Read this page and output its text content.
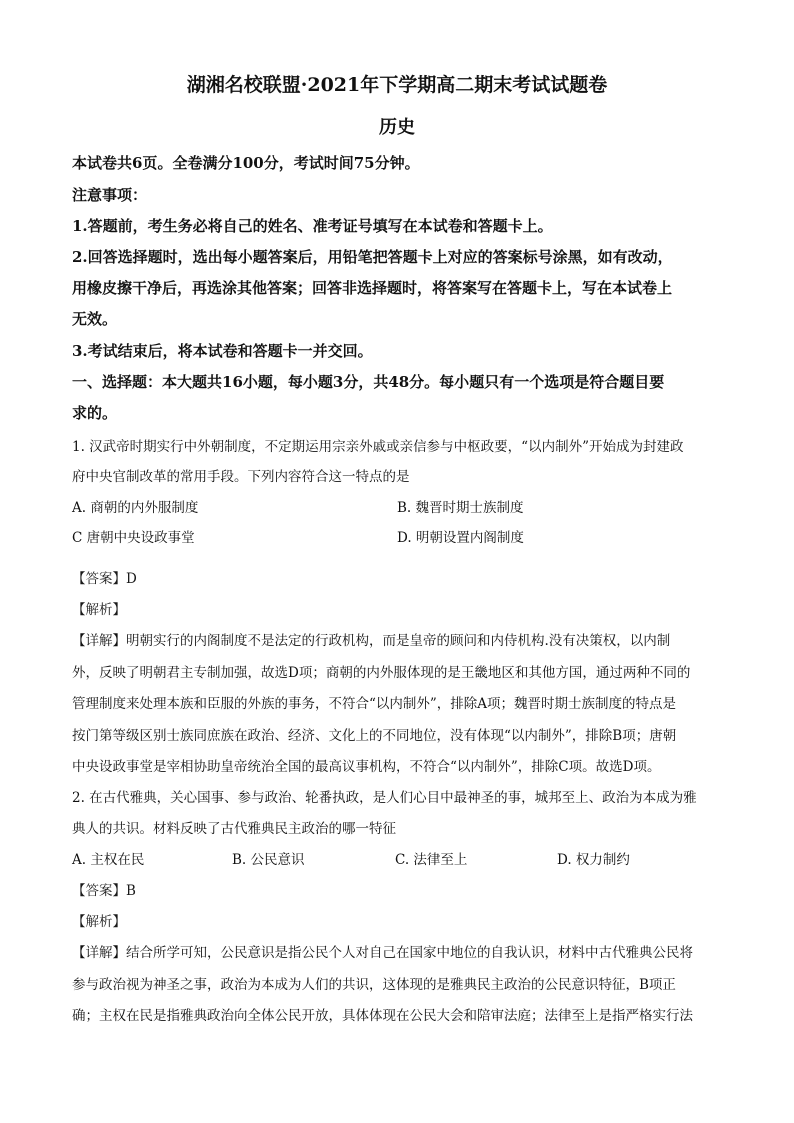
湖湘名校联盟·2021年下学期高二期末考试试题卷
历史
本试卷共6页。全卷满分100分，考试时间75分钟。
注意事项：
1.答题前，考生务必将自己的姓名、准考证号填写在本试卷和答题卡上。
2.回答选择题时，选出每小题答案后，用铅笔把答题卡上对应的答案标号涂黑，如有改动，
用橡皮擦干净后，再选涂其他答案；回答非选择题时，将答案写在答题卡上，写在本试卷上
无效。
3.考试结束后，将本试卷和答题卡一并交回。
一、选择题：本大题共16小题，每小题3分，共48分。每小题只有一个选项是符合题目要
求的。
1. 汉武帝时期实行中外朝制度，不定期运用宗亲外戚或亲信参与中枢政要，“以内制外”开始成为封建政
府中央官制改革的常用手段。下列内容符合这一特点的是
A. 商朝的内外服制度	B. 魏晋时期士族制度
C 唐朝中央设政事堂	D. 明朝设置内阁制度
【答案】D
【解析】
【详解】明朝实行的内阁制度不是法定的行政机构，而是皇帝的顾问和内侍机构.没有决策权，以内制
外，反映了明朝君主专制加强，故选D项；商朝的内外服体现的是王畿地区和其他方国，通过两种不同的
管理制度来处理本族和臣服的外族的事务，不符合“以内制外”，排除A项；魏晋时期士族制度的特点是
按门第等级区别士族同庶族在政治、经济、文化上的不同地位，没有体现“以内制外”，排除B项；唐朝
中央设政事堂是宰相协助皇帝统治全国的最高议事机构，不符合“以内制外”，排除C项。故选D项。
2. 在古代雅典，关心国事、参与政治、轮番执政，是人们心目中最神圣的事，城邦至上、政治为本成为雅
典人的共识。材料反映了古代雅典民主政治的哪一特征
A. 主权在民	B. 公民意识	C. 法律至上	D. 权力制约
【答案】B
【解析】
【详解】结合所学可知，公民意识是指公民个人对自己在国家中地位的自我认识，材料中古代雅典公民将
参与政治视为神圣之事，政治为本成为人们的共识，这体现的是雅典民主政治的公民意识特征，B项正
确；主权在民是指雅典政治向全体公民开放，具体体现在公民大会和陪审法庭；法律至上是指严格实行法
